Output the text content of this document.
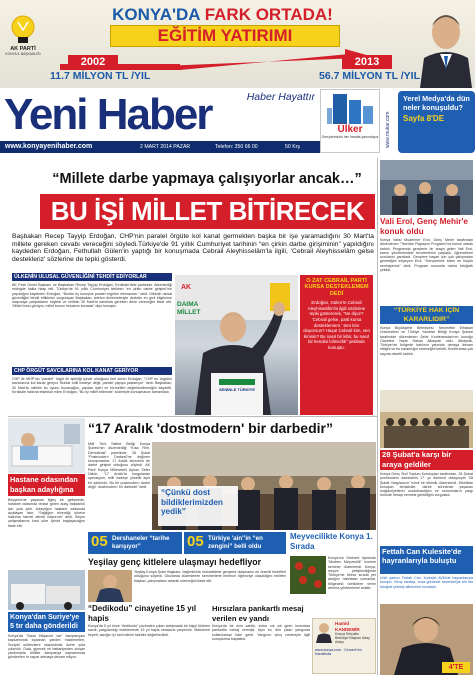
AK PARTİ
KONYA İL BAŞKANLIĞI
KONYA'DA FARK ORTADA!
EĞİTİM YATIRIMI
2002	2013
11.7 MİLYON TL /YIL	56.7 MİLYON TL /YIL
Yeni Haber	Haber Hayattır
www.konyayenihaber.com	2 MART 2014 PAZAR	Telefon: 350 66 00	50 Krş
Ülker
Gençlerimizin her fırsatta yanındayız www.mukar.com
Yerel Medya'da dün neler konuşuldu?
Sayfa 8'DE
“Millete darbe yapmaya çalışıyorlar ancak…”
BU İŞİ MİLLET BİTİRECEK
Başbakan Recep Tayyip Erdoğan, CHP'nin paralel örgüte kol kanat germekten başka bir işe yaramadığını 30 Mart'ta millete gereken cevabı vereceğini söyledi.Türkiye'de 91 yıllık Cumhuriyet tarihinin “en çirkin darbe girişiminin” yapıldığını kaydeden Erdoğan, Fethullah Gülen'in yaptığı bir konuşmada Cebrail Aleyhisselâm'la ilgili, 'Cebrail Aleyhisselâm gelse destekleriz' sözlerine de tepki gösterdi.
ÜLKENİN ULUSAL GÜVENLİĞİNİ TEHDİT EDİYORLAR
AK Parti Genel Başkanı ve Başbakan Recep Tayyip Erdoğan, Kırıkkale'deki partisinin düzenlediği mitingde halka hitap etti. Türkiye'de 91 yıllık Cumhuriyet tarihinin “en çirkin darbe girişimi”nin yapıldığını kaydeden Erdoğan, “Bunlar üç kuruşluk paralel örgütün elemanları.” dedi. Ülkenin ulusal güvenliğini tehdit ettiklerini vurgulayan Başbakan, telefon dinlemeleriyle devletin en gizli bilgilerine ulaşmaya çalıştıklarını söyledi ve milletin 30 Mart'ta sandıkta gereken dersi vereceğini ifade etti. “Millet bunu görüyor, millet bunun hesabını soracak” diye konuştu.
CHP ÖRGÜT SAVCILARINA KOL KANAT GERİYOR
CHP ile MHP'nin “paralel” örgüt ile işbirliği içinde olduğunu ileri süren Erdoğan, “CHP bu örgütün savcılarına kol kanat geriyor. Bunlar milli iradeye değil, paralel yapıya yaslanıyor” dedi. Başbakan, 30 Mart'ta milletin bu oyunu bozacağını, yapılan işleri ve hizmetleri değerlendireceğini kaydetti. Kırıkkale halkına teşekkür eden Erdoğan, “Bu işi millet bitirecek” sözleriyle konuşmasını tamamladı.
AK
DAİMA MİLLET
SENİNLE TÜRKİYE
O ZAT CEBRAİL PARTİ KURSA DESTEKLEMEM DEDİ
Erdoğan, Gülen'in Cebrail Aleyhisselâm'la ilgili sözlerine tepki göstererek, “Ne diyor? ‘Cebrail gelse, parti kursa desteklemem.’ Sen kim oluyorsun? Haşa! Cebrail kim, sen kimsin? Bu nasıl bir kibir, bu nasıl bir kendini bilmezlik” şeklinde konuştu.
Vali Erol, Genç Mehir'e konuk oldu
Konya Valisi Muammer Erol, Genç Mehir tarafından düzenlenen “Tecrübe Paylaşım Programı”na konuk olarak katıldı. Programda gençlerle bir araya gelen Vali Erol, kamu yönetimindeki tecrübelerini paylaştı, öğrencilerin sorularını yanıtladı. Gençlere başarı için çok çalışmaları gerektiğini söyleyen Erol, “Gençlerimiz bizim en büyük sermayemiz” dedi. Program sonunda hatıra fotoğrafı çekildi.
“TÜRKİYE HAK İÇİN KARARLIDIR”
Konya Büyükşehir Belediyesi, Necmettin Erbakan Üniversitesi ve Türkiye Yazarlar Birliği Konya Şubesi tarafından düzenlenen Şehir Konferansları'nın konuğu Gazeteci Yazar Hakan Albayrak oldu. Albayrak, Türkiye'nin bölgede haklının yanında olmaya devam ettiğini ve bu kararlılığın süreceğini belirtti. Konferansa çok sayıda davetli katıldı.
28 Şubat'a karşı bir araya geldiler
Konya Genç Sivil Toplum Kuruluşları tarafından, 28 Şubat postmodern darbesinin 17. yıl dönümü dolayısıyla “28 Şubat Yargılansın” isimli bir etkinlik düzenlendi. Etkinlikte konuşan temsilciler, darbe sürecinde yaşanan mağduriyetlerin unutulmadığını ve sorumluların yargı önünde hesap vermesi gerektiğini vurguladı.
Fettah Can Kulesite'de hayranlarıyla buluştu
Ünlü şarkıcı Fettah Can, Kulesite AVM'de hayranlarıyla buluştu. Genç sanatçı, imza gününde sevenleriyle tek tek fotoğraf çektirip albümünü imzaladı.
4'TE
Hastane odasından başkan adaylığına
Beyşehir'de yaşanan ilginç bir gelişmede, hastane odasında tedavi gören aday başkanlık için yola çıktı. Adaylığını hastane odasında açıklayan isim, “Sağlığım elverdiği sürece halkıma hizmet etmek istiyorum” dedi. Seçim çalışmalarına kısa süre içinde başlayacağını ifade etti.
Konya'dan Suriye'ye 5 tır daha gönderildi
Konya'da “Sana ihtiyacım var” kampanyası kapsamında toplanan yardım malzemeleri, Suriyeli mültecilere ulaştırılmak üzere yola çıkarıldı. Gıda, giyecek ve battaniyeden oluşan yardımlarla birlikte kampanya kapsamında gönderilen tır sayısı artmaya devam ediyor.
“17 Aralık 'dostmodern' bir darbedir”
Millî Türk Talebe Birliği Konya Şubesi'nin düzenlediği “Kısa Film, Demokrasi” panelinde, 28 Şubat “Postmodern Darbesi”ne değinen konuşmacılar, 17 Aralık sürecinin de darbe girişimi olduğunu söyledi. AK Parti Konya Milletvekili Ayhan Sefer Üstün, “17 Aralık'ta kurgulanan operasyon, milli iradeye yönelik açık bir saldırıdır. Bu bir postmodern darbe değil, ‘dostmodern’ bir darbedir” dedi.
“Çünkü dost bildiklerimizden yedik”
05 Dershaneler “tarihe karışıyor”	05 Türkiye 'ain'’in “en zengini” belli oldu
Meyvecilikte Konya 1. Sırada
Konya'nın Derbent ilçesinde “Modern Meyvecilik” üzerine seminer düzenlendi. Konya, meyve yetiştiriciliğinde Türkiye'de birinci sırada yer aldığını hatırlatan uzmanlar, bölgedeki üreticilere verim artırma yöntemlerini anlattı.
Yeşilay genç kitlelere ulaşmayı hedefliyor
Yeşilay Konya Şube Başkanı, bağımlılıkla mücadelede gençlere ulaşmanın en önemli hedefleri olduğunu söyledi. Okullarda düzenlenen seminerlerle binlerce öğrenciye ulaşıldığını belirten başkan, çalışmaların artarak süreceğini ifade etti.
“Dedikodu” cinayetine 15 yıl hapis
Konya'da 5 yıl önce “dedikodu” yüzünden çıkan tartışmada bir kişiyi öldüren sanık, yargılandığı mahkemede 15 yıl hapis cezasına çarptırıldı. Mahkeme heyeti, sanığın iyi hal indirimi talebini değerlendirdi.
Hırsızlara pankartlı mesaj verilen ev yandı
Konya'da bir evin sahibi, evine sık sık giren hırsızlara pankartla mesaj vermişti. Aynı ev, dün çıkan yangında kullanılamaz hale geldi. Yangının çıkış nedeniyle ilgili soruşturma başlatıldı.
Hamid KANDEMİR
Konya Selçuklu Belediye Başkan Aday Adayı
www.konya.com · Cemevi'nin Kanatinda
